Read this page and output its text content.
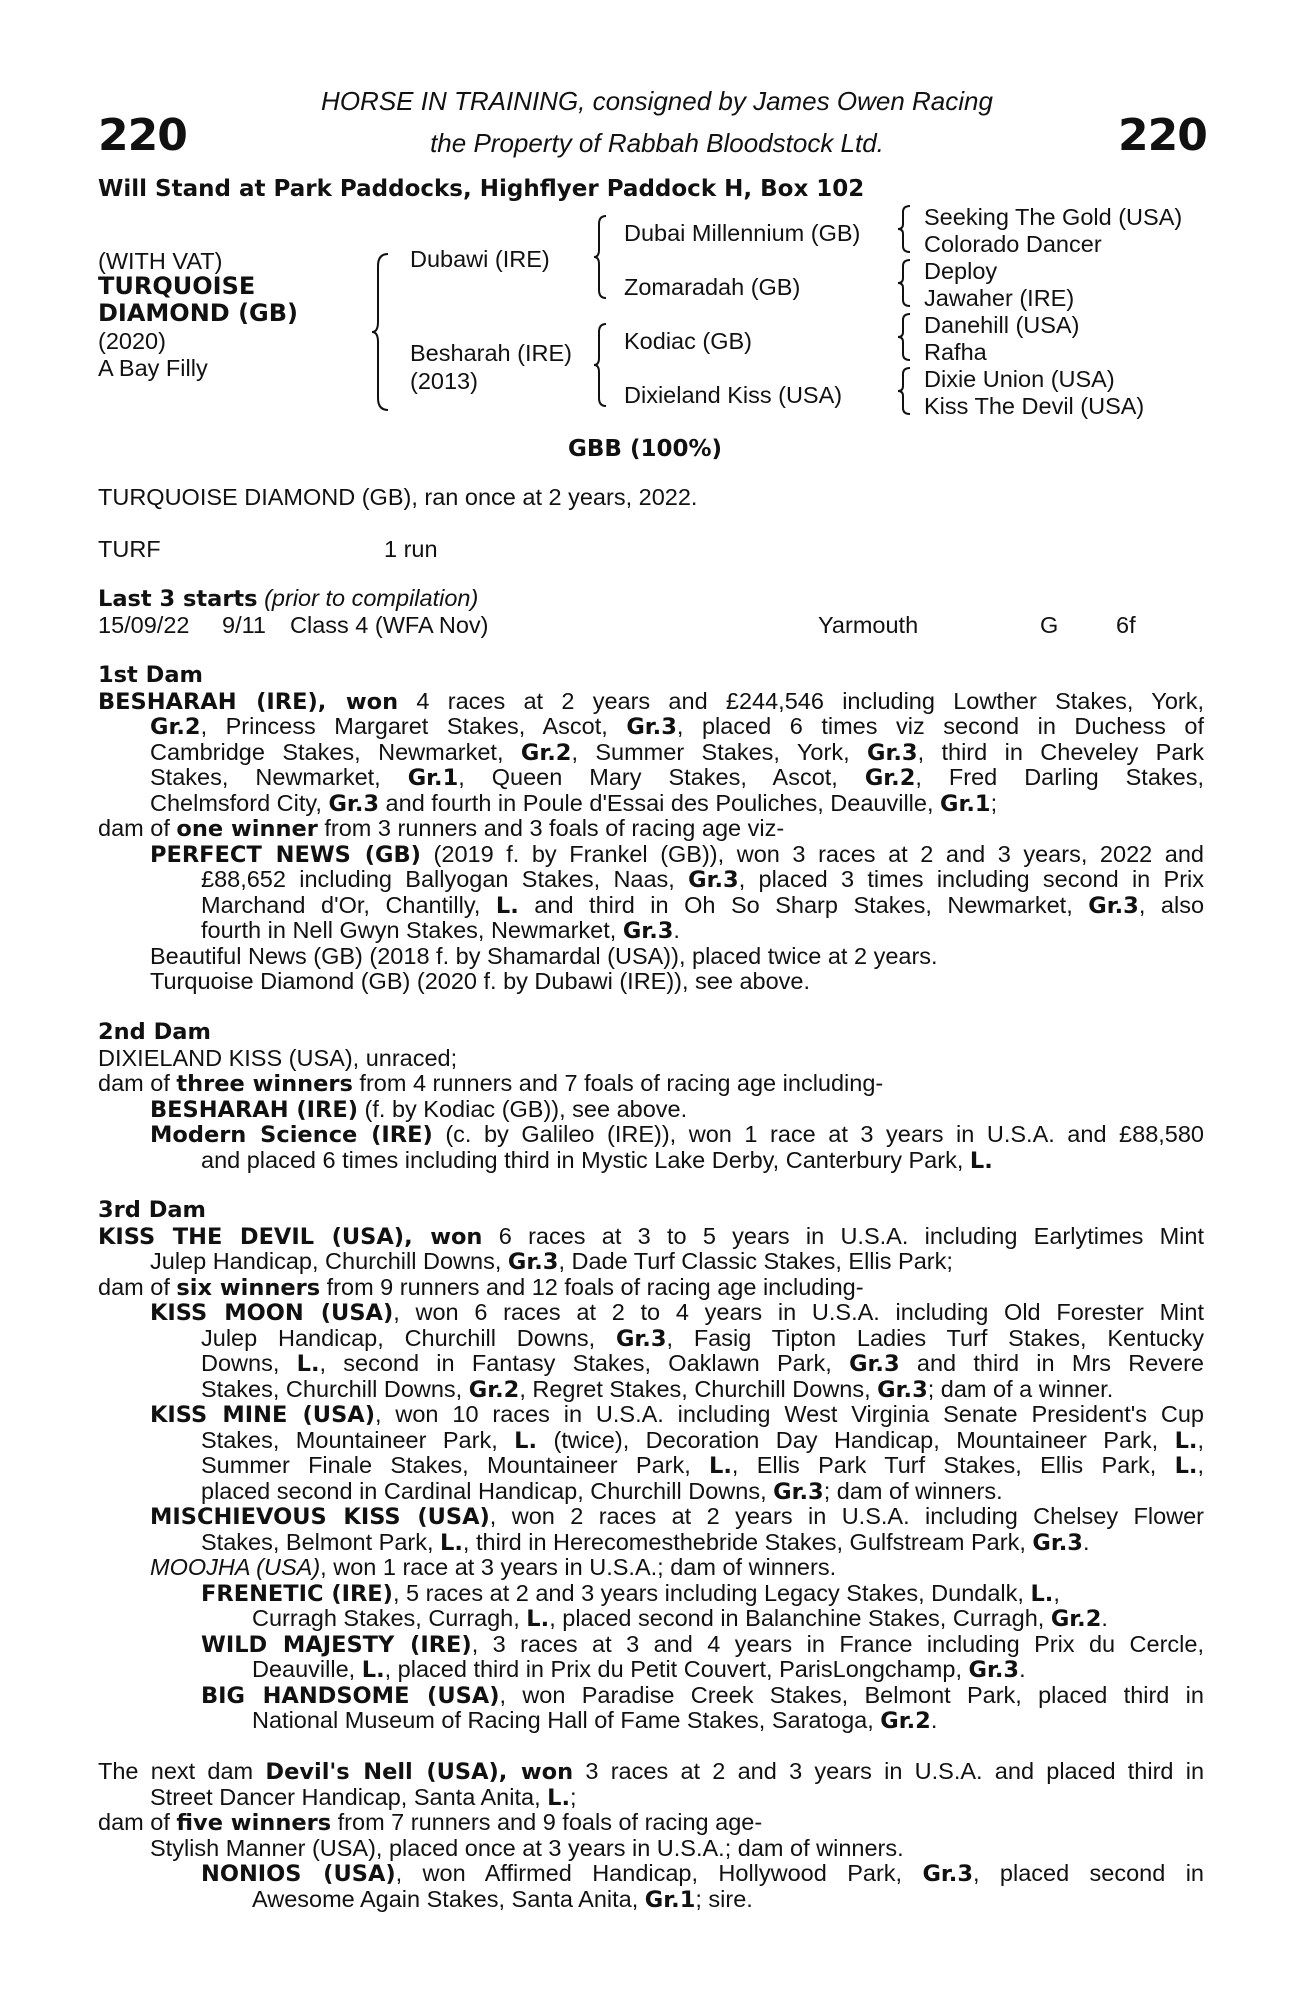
220	220
HORSE IN TRAINING, consigned by James Owen Racing
the Property of Rabbah Bloodstock Ltd.
Will Stand at Park Paddocks, Highflyer Paddock H, Box 102
(WITH VAT)
TURQUOISE
DIAMOND (GB)
(2020)
A Bay Filly
Dubawi (IRE)
Besharah (IRE)
(2013)
Dubai Millennium (GB)
Zomaradah (GB)
Kodiac (GB)
Dixieland Kiss (USA)
Seeking The Gold (USA)
Colorado Dancer
Deploy
Jawaher (IRE)
Danehill (USA)
Rafha
Dixie Union (USA)
Kiss The Devil (USA)
GBB (100%)
TURQUOISE DIAMOND (GB), ran once at 2 years, 2022.
TURF	1 run
Last 3 starts (prior to compilation)
15/09/22 9/11 Class 4 (WFA Nov)	Yarmouth	G 6f
1st Dam
BESHARAH (IRE), won 4 races at 2 years and £244,546 including Lowther Stakes, York,
Gr.2, Princess Margaret Stakes, Ascot, Gr.3, placed 6 times viz second in Duchess of
Cambridge Stakes, Newmarket, Gr.2, Summer Stakes, York, Gr.3, third in Cheveley Park
Stakes, Newmarket, Gr.1, Queen Mary Stakes, Ascot, Gr.2, Fred Darling Stakes,
Chelmsford City, Gr.3 and fourth in Poule d'Essai des Pouliches, Deauville, Gr.1;
dam of one winner from 3 runners and 3 foals of racing age viz-
PERFECT NEWS (GB) (2019 f. by Frankel (GB)), won 3 races at 2 and 3 years, 2022 and
£88,652 including Ballyogan Stakes, Naas, Gr.3, placed 3 times including second in Prix
Marchand d'Or, Chantilly, L. and third in Oh So Sharp Stakes, Newmarket, Gr.3, also
fourth in Nell Gwyn Stakes, Newmarket, Gr.3.
Beautiful News (GB) (2018 f. by Shamardal (USA)), placed twice at 2 years.
Turquoise Diamond (GB) (2020 f. by Dubawi (IRE)), see above.
2nd Dam
DIXIELAND KISS (USA), unraced;
dam of three winners from 4 runners and 7 foals of racing age including-
BESHARAH (IRE) (f. by Kodiac (GB)), see above.
Modern Science (IRE) (c. by Galileo (IRE)), won 1 race at 3 years in U.S.A. and £88,580
and placed 6 times including third in Mystic Lake Derby, Canterbury Park, L.
3rd Dam
KISS THE DEVIL (USA), won 6 races at 3 to 5 years in U.S.A. including Earlytimes Mint
Julep Handicap, Churchill Downs, Gr.3, Dade Turf Classic Stakes, Ellis Park;
dam of six winners from 9 runners and 12 foals of racing age including-
KISS MOON (USA), won 6 races at 2 to 4 years in U.S.A. including Old Forester Mint
Julep Handicap, Churchill Downs, Gr.3, Fasig Tipton Ladies Turf Stakes, Kentucky
Downs, L., second in Fantasy Stakes, Oaklawn Park, Gr.3 and third in Mrs Revere
Stakes, Churchill Downs, Gr.2, Regret Stakes, Churchill Downs, Gr.3; dam of a winner.
KISS MINE (USA), won 10 races in U.S.A. including West Virginia Senate President's Cup
Stakes, Mountaineer Park, L. (twice), Decoration Day Handicap, Mountaineer Park, L.,
Summer Finale Stakes, Mountaineer Park, L., Ellis Park Turf Stakes, Ellis Park, L.,
placed second in Cardinal Handicap, Churchill Downs, Gr.3; dam of winners.
MISCHIEVOUS KISS (USA), won 2 races at 2 years in U.S.A. including Chelsey Flower
Stakes, Belmont Park, L., third in Herecomesthebride Stakes, Gulfstream Park, Gr.3.
MOOJHA (USA), won 1 race at 3 years in U.S.A.; dam of winners.
FRENETIC (IRE), 5 races at 2 and 3 years including Legacy Stakes, Dundalk, L.,
Curragh Stakes, Curragh, L., placed second in Balanchine Stakes, Curragh, Gr.2.
WILD MAJESTY (IRE), 3 races at 3 and 4 years in France including Prix du Cercle,
Deauville, L., placed third in Prix du Petit Couvert, ParisLongchamp, Gr.3.
BIG HANDSOME (USA), won Paradise Creek Stakes, Belmont Park, placed third in
National Museum of Racing Hall of Fame Stakes, Saratoga, Gr.2.
The next dam Devil's Nell (USA), won 3 races at 2 and 3 years in U.S.A. and placed third in
Street Dancer Handicap, Santa Anita, L.;
dam of five winners from 7 runners and 9 foals of racing age-
Stylish Manner (USA), placed once at 3 years in U.S.A.; dam of winners.
NONIOS (USA), won Affirmed Handicap, Hollywood Park, Gr.3, placed second in
Awesome Again Stakes, Santa Anita, Gr.1; sire.
